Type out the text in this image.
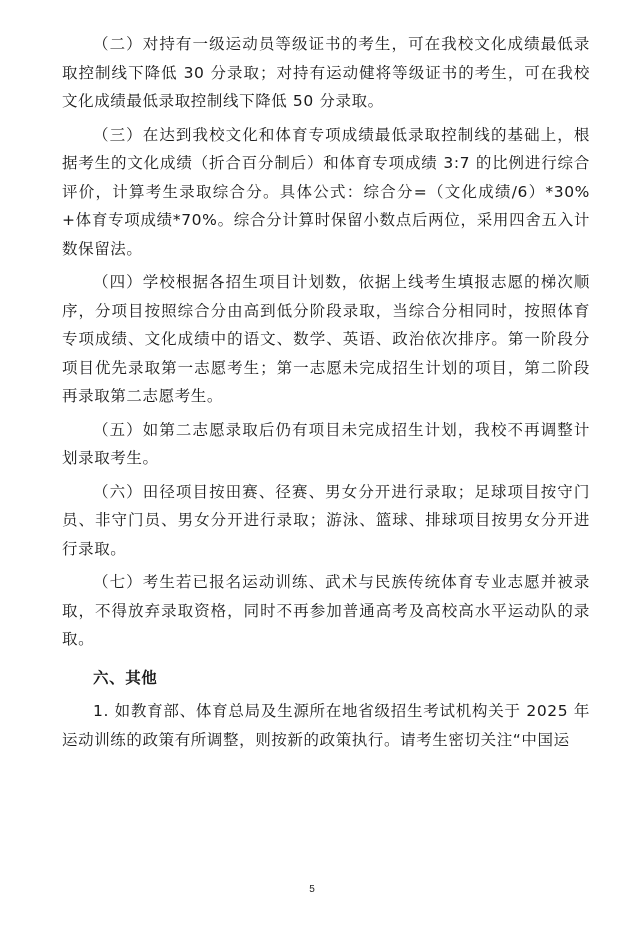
（二）对持有一级运动员等级证书的考生，可在我校文化成绩最低录取控制线下降低 30 分录取；对持有运动健将等级证书的考生，可在我校文化成绩最低录取控制线下降低 50 分录取。

（三）在达到我校文化和体育专项成绩最低录取控制线的基础上，根据考生的文化成绩（折合百分制后）和体育专项成绩 3:7 的比例进行综合评价，计算考生录取综合分。具体公式：综合分=（文化成绩/6）*30%+体育专项成绩*70%。综合分计算时保留小数点后两位，采用四舍五入计数保留法。

（四）学校根据各招生项目计划数，依据上线考生填报志愿的梯次顺序，分项目按照综合分由高到低分阶段录取，当综合分相同时，按照体育专项成绩、文化成绩中的语文、数学、英语、政治依次排序。第一阶段分项目优先录取第一志愿考生；第一志愿未完成招生计划的项目，第二阶段再录取第二志愿考生。

（五）如第二志愿录取后仍有项目未完成招生计划，我校不再调整计划录取考生。

（六）田径项目按田赛、径赛、男女分开进行录取；足球项目按守门员、非守门员、男女分开进行录取；游泳、篮球、排球项目按男女分开进行录取。

（七）考生若已报名运动训练、武术与民族传统体育专业志愿并被录取，不得放弃录取资格，同时不再参加普通高考及高校高水平运动队的录取。

六、其他

1. 如教育部、体育总局及生源所在地省级招生考试机构关于 2025 年运动训练的政策有所调整，则按新的政策执行。请考生密切关注“中国运

5
